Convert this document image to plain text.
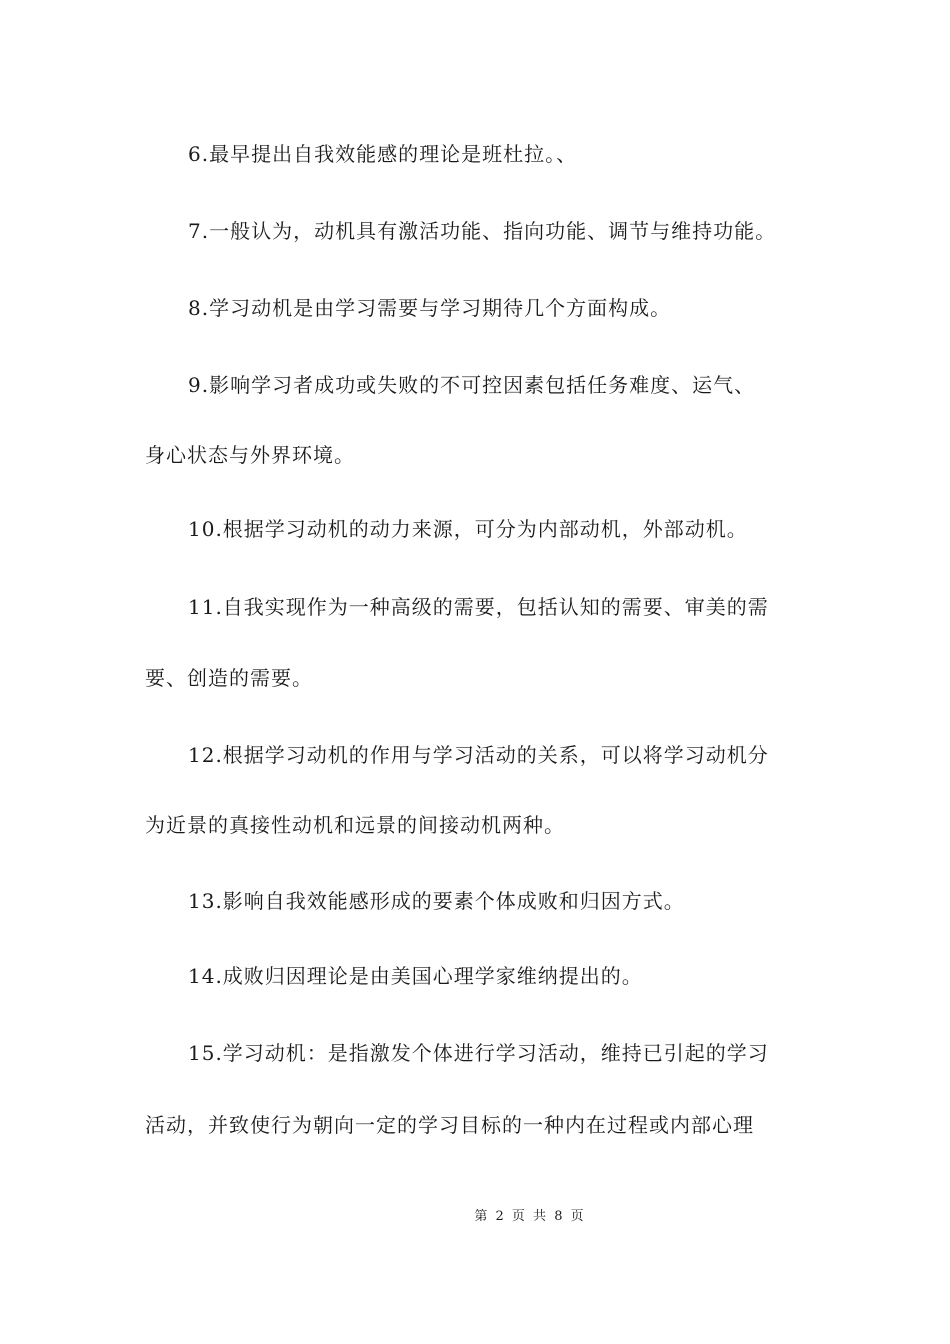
6.最早提出自我效能感的理论是班杜拉。、
7.一般认为，动机具有激活功能、指向功能、调节与维持功能。
8.学习动机是由学习需要与学习期待几个方面构成。
9.影响学习者成功或失败的不可控因素包括任务难度、运气、
身心状态与外界环境。
10.根据学习动机的动力来源，可分为内部动机，外部动机。
11.自我实现作为一种高级的需要，包括认知的需要、审美的需
要、创造的需要。
12.根据学习动机的作用与学习活动的关系，可以将学习动机分
为近景的真接性动机和远景的间接动机两种。
13.影响自我效能感形成的要素个体成败和归因方式。
14.成败归因理论是由美国心理学家维纳提出的。
15.学习动机：是指激发个体进行学习活动，维持已引起的学习
活动，并致使行为朝向一定的学习目标的一种内在过程或内部心理
第 2 页 共 8 页
